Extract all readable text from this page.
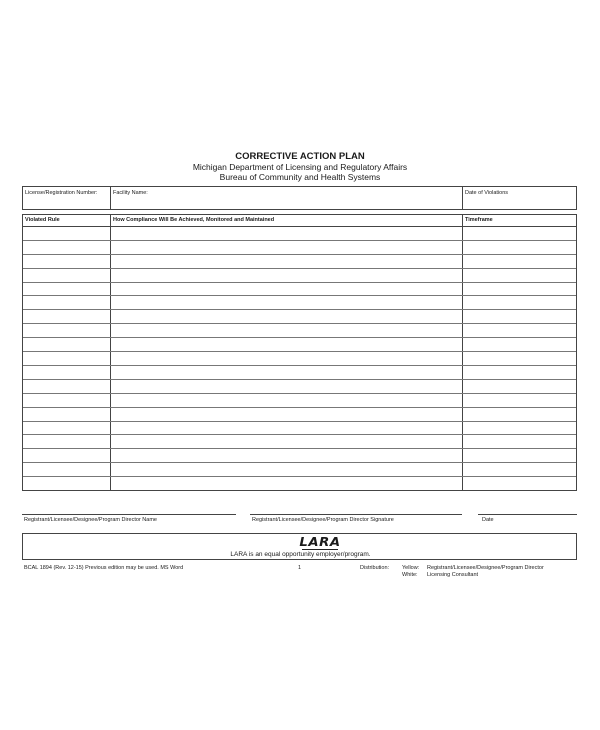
CORRECTIVE ACTION PLAN
Michigan Department of Licensing and Regulatory Affairs
Bureau of Community and Health Systems
License/Registration Number:	Facility Name:	Date of Violations
Violated Rule	How Compliance Will Be Achieved, Monitored and Maintained	Timeframe
Registrant/Licensee/Designee/Program Director Name	Registrant/Licensee/Designee/Program Director Signature	Date
LARA
LARA is an equal opportunity employer/program.
BCAL 1894 (Rev. 12-15) Previous edition may be used. MS Word	1	Distribution: Yellow: Registrant/Licensee/Designee/Program Director
White: Licensing Consultant
